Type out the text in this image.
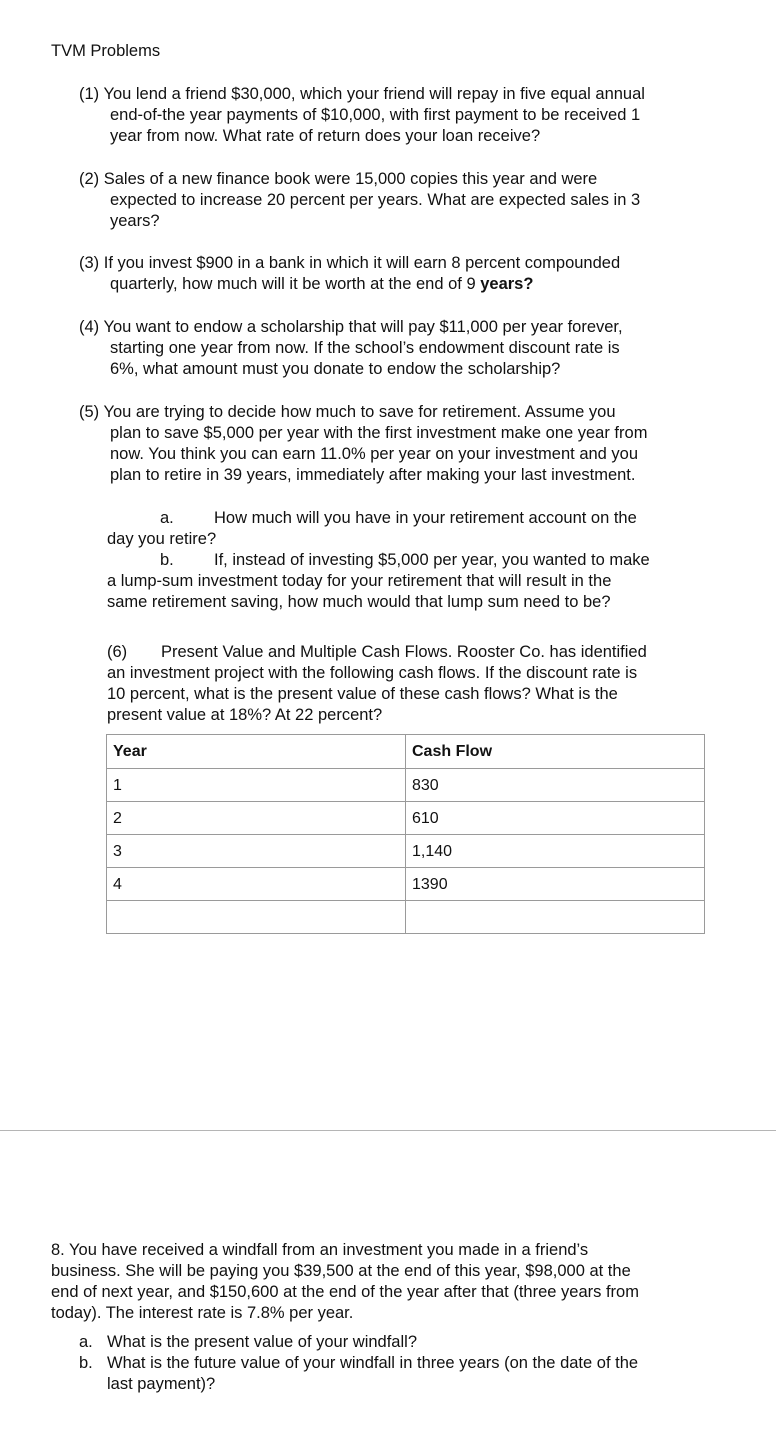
TVM Problems
(1) You lend a friend $30,000, which your friend will repay in five equal annual
end-of-the year payments of $10,000, with first payment to be received 1
year from now. What rate of return does your loan receive?
(2) Sales of a new finance book were 15,000 copies this year and were
expected to increase 20 percent per years. What are expected sales in 3
years?
(3) If you invest $900 in a bank in which it will earn 8 percent compounded
quarterly, how much will it be worth at the end of 9 years?
(4) You want to endow a scholarship that will pay $11,000 per year forever,
starting one year from now. If the school’s endowment discount rate is
6%, what amount must you donate to endow the scholarship?
(5) You are trying to decide how much to save for retirement. Assume you
plan to save $5,000 per year with the first investment make one year from
now. You think you can earn 11.0% per year on your investment and you
plan to retire in 39 years, immediately after making your last investment.
a. How much will you have in your retirement account on the
day you retire?
b. If, instead of investing $5,000 per year, you wanted to make
a lump-sum investment today for your retirement that will result in the
same retirement saving, how much would that lump sum need to be?
(6) Present Value and Multiple Cash Flows. Rooster Co. has identified
an investment project with the following cash flows. If the discount rate is
10 percent, what is the present value of these cash flows? What is the
present value at 18%? At 22 percent?
Year	Cash Flow
1	830
2	610
3	1,140
4	1390

8. You have received a windfall from an investment you made in a friend’s
business. She will be paying you $39,500 at the end of this year, $98,000 at the
end of next year, and $150,600 at the end of the year after that (three years from
today). The interest rate is 7.8% per year.
a. What is the present value of your windfall?
b. What is the future value of your windfall in three years (on the date of the
last payment)?
